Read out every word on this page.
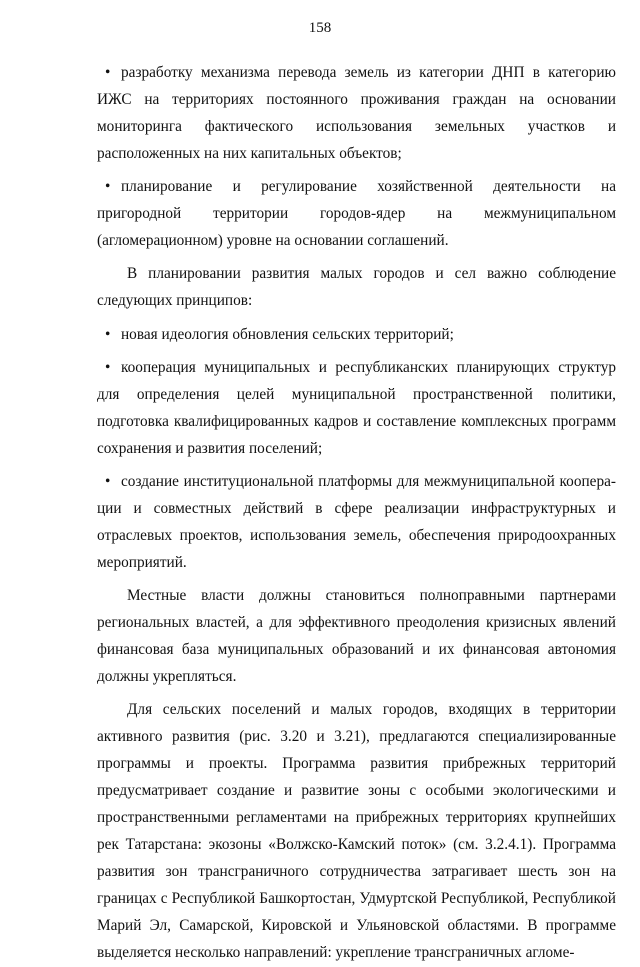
158

• разработку механизма перевода земель из категории ДНП в категорию ИЖС на территориях постоянного проживания граждан на основании мониторинга фактического использования земельных участков и расположенных на них капитальных объектов;

• планирование и регулирование хозяйственной деятельности на пригородной территории городов-ядер на межмуниципальном (агломерационном) уровне на основании соглашений.

В планировании развития малых городов и сел важно соблюдение следующих принципов:

• новая идеология обновления сельских территорий;

• кооперация муниципальных и республиканских планирующих структур для определения целей муниципальной пространственной политики, подготовка квалифицированных кадров и составление комплексных программ сохранения и развития поселений;

• создание институциональной платформы для межмуниципальной кооперации и совместных действий в сфере реализации инфраструктурных и отраслевых проектов, использования земель, обеспечения природоохранных мероприятий.

Местные власти должны становиться полноправными партнерами региональных властей, а для эффективного преодоления кризисных явлений финансовая база муниципальных образований и их финансовая автономия должны укрепляться.

Для сельских поселений и малых городов, входящих в территории активного развития (рис. 3.20 и 3.21), предлагаются специализированные программы и проекты. Программа развития прибрежных территорий предусматривает создание и развитие зоны с особыми экологическими и пространственными регламентами на прибрежных территориях крупнейших рек Татарстана: экозоны «Волжско-Камский поток» (см. 3.2.4.1). Программа развития зон трансграничного сотрудничества затрагивает шесть зон на границах с Республикой Башкортостан, Удмуртской Республикой, Республикой Марий Эл, Самарской, Кировской и Ульяновской областями. В программе выделяется несколько направлений: укрепление трансграничных агломе-
